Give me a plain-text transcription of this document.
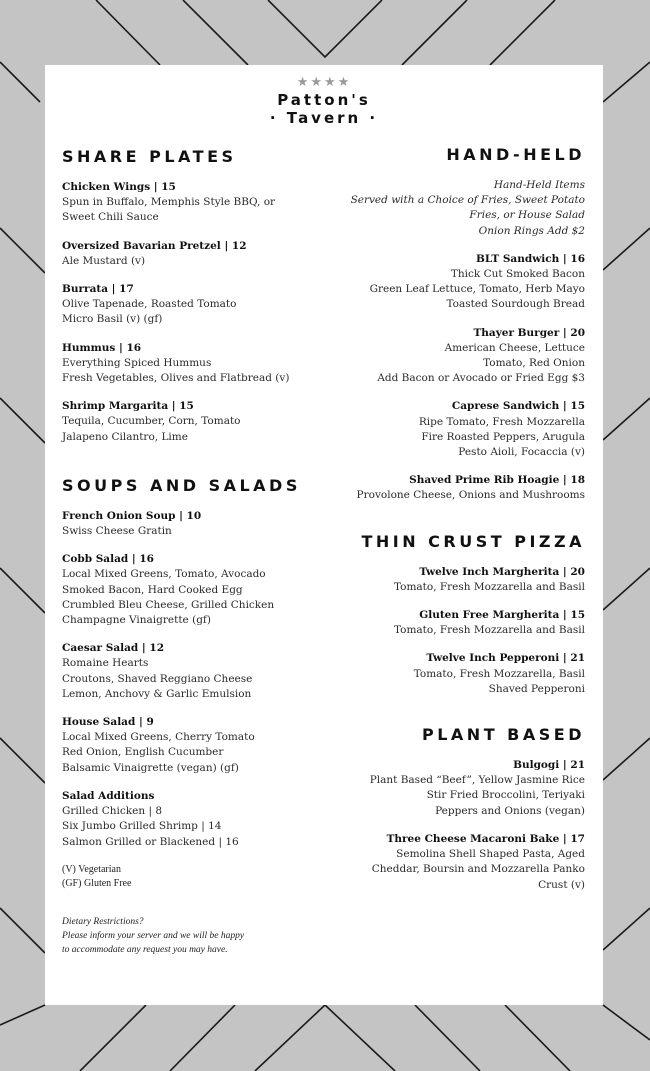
★★★★
Patton's
· Tavern ·
SHARE PLATES
Chicken Wings | 15
Spun in Buffalo, Memphis Style BBQ, or
Sweet Chili Sauce
Oversized Bavarian Pretzel | 12
Ale Mustard (v)
Burrata | 17
Olive Tapenade, Roasted Tomato
Micro Basil (v) (gf)
Hummus | 16
Everything Spiced Hummus
Fresh Vegetables, Olives and Flatbread (v)
Shrimp Margarita | 15
Tequila, Cucumber, Corn, Tomato
Jalapeno Cilantro, Lime
SOUPS AND SALADS
French Onion Soup | 10
Swiss Cheese Gratin
Cobb Salad | 16
Local Mixed Greens, Tomato, Avocado
Smoked Bacon, Hard Cooked Egg
Crumbled Bleu Cheese, Grilled Chicken
Champagne Vinaigrette (gf)
Caesar Salad | 12
Romaine Hearts
Croutons, Shaved Reggiano Cheese
Lemon, Anchovy & Garlic Emulsion
House Salad | 9
Local Mixed Greens, Cherry Tomato
Red Onion, English Cucumber
Balsamic Vinaigrette (vegan) (gf)
Salad Additions
Grilled Chicken | 8
Six Jumbo Grilled Shrimp | 14
Salmon Grilled or Blackened | 16
(V) Vegetarian
(GF) Gluten Free
Dietary Restrictions?
Please inform your server and we will be happy
to accommodate any request you may have.
HAND-HELD
Hand-Held Items
Served with a Choice of Fries, Sweet Potato
Fries, or House Salad
Onion Rings Add $2
BLT Sandwich | 16
Thick Cut Smoked Bacon
Green Leaf Lettuce, Tomato, Herb Mayo
Toasted Sourdough Bread
Thayer Burger | 20
American Cheese, Lettuce
Tomato, Red Onion
Add Bacon or Avocado or Fried Egg $3
Caprese Sandwich | 15
Ripe Tomato, Fresh Mozzarella
Fire Roasted Peppers, Arugula
Pesto Aioli, Focaccia (v)
Shaved Prime Rib Hoagie | 18
Provolone Cheese, Onions and Mushrooms
THIN CRUST PIZZA
Twelve Inch Margherita | 20
Tomato, Fresh Mozzarella and Basil
Gluten Free Margherita | 15
Tomato, Fresh Mozzarella and Basil
Twelve Inch Pepperoni | 21
Tomato, Fresh Mozzarella, Basil
Shaved Pepperoni
PLANT BASED
Bulgogi | 21
Plant Based “Beef”, Yellow Jasmine Rice
Stir Fried Broccolini, Teriyaki
Peppers and Onions (vegan)
Three Cheese Macaroni Bake | 17
Semolina Shell Shaped Pasta, Aged
Cheddar, Boursin and Mozzarella Panko
Crust (v)
